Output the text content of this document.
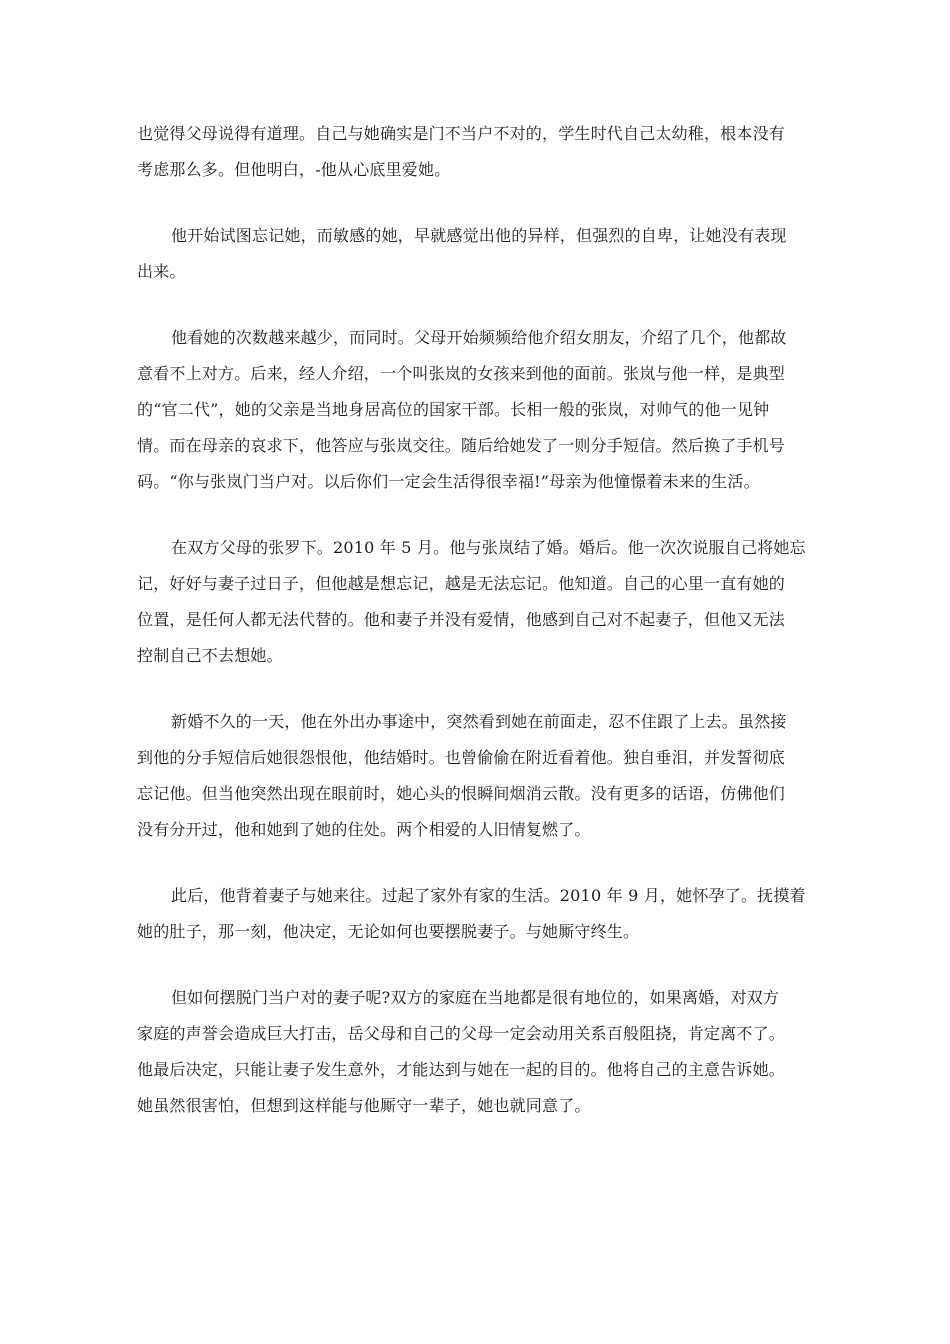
也觉得父母说得有道理。自己与她确实是门不当户不对的，学生时代自己太幼稚，根本没有
考虑那么多。但他明白，-他从心底里爱她。

他开始试图忘记她，而敏感的她，早就感觉出他的异样，但强烈的自卑，让她没有表现
出来。

他看她的次数越来越少，而同时。父母开始频频给他介绍女朋友，介绍了几个，他都故
意看不上对方。后来，经人介绍，一个叫张岚的女孩来到他的面前。张岚与他一样，是典型
的“官二代”，她的父亲是当地身居高位的国家干部。长相一般的张岚，对帅气的他一见钟
情。而在母亲的哀求下，他答应与张岚交往。随后给她发了一则分手短信。然后换了手机号
码。“你与张岚门当户对。以后你们一定会生活得很幸福!”母亲为他憧憬着未来的生活。

在双方父母的张罗下。2010 年 5 月。他与张岚结了婚。婚后。他一次次说服自己将她忘
记，好好与妻子过日子，但他越是想忘记，越是无法忘记。他知道。自己的心里一直有她的
位置，是任何人都无法代替的。他和妻子并没有爱情，他感到自己对不起妻子，但他又无法
控制自己不去想她。

新婚不久的一天，他在外出办事途中，突然看到她在前面走，忍不住跟了上去。虽然接
到他的分手短信后她很怨恨他，他结婚时。也曾偷偷在附近看着他。独自垂泪，并发誓彻底
忘记他。但当他突然出现在眼前时，她心头的恨瞬间烟消云散。没有更多的话语，仿佛他们
没有分开过，他和她到了她的住处。两个相爱的人旧情复燃了。

此后，他背着妻子与她来往。过起了家外有家的生活。2010 年 9 月，她怀孕了。抚摸着
她的肚子，那一刻，他决定，无论如何也要摆脱妻子。与她厮守终生。

但如何摆脱门当户对的妻子呢?双方的家庭在当地都是很有地位的，如果离婚，对双方
家庭的声誉会造成巨大打击，岳父母和自己的父母一定会动用关系百般阻挠，肯定离不了。
他最后决定，只能让妻子发生意外，才能达到与她在一起的目的。他将自己的主意告诉她。
她虽然很害怕，但想到这样能与他厮守一辈子，她也就同意了。
